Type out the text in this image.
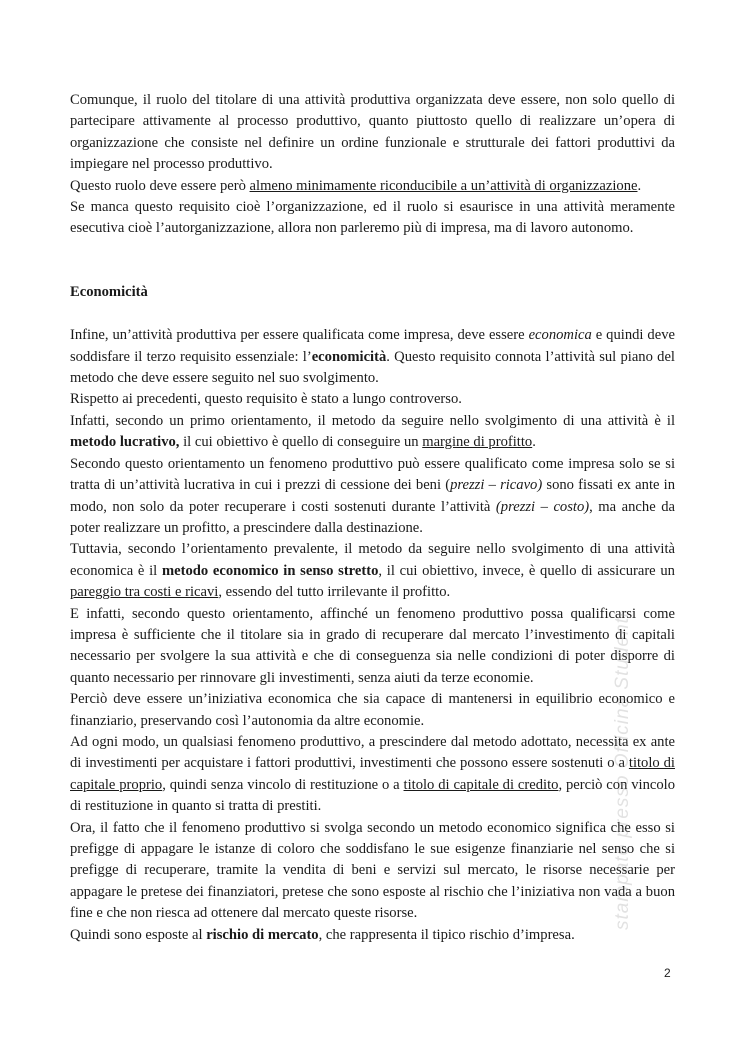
Comunque, il ruolo del titolare di una attività produttiva organizzata deve essere, non solo quello di partecipare attivamente al processo produttivo, quanto piuttosto quello di realizzare un’opera di organizzazione che consiste nel definire un ordine funzionale e strutturale dei fattori produttivi da impiegare nel processo produttivo.
Questo ruolo deve essere però almeno minimamente riconducibile a un’attività di organizzazione.
Se manca questo requisito cioè l’organizzazione, ed il ruolo si esaurisce in una attività meramente esecutiva cioè l’autorganizzazione, allora non parleremo più di impresa, ma di lavoro autonomo.

Economicità

Infine, un’attività produttiva per essere qualificata come impresa, deve essere economica e quindi deve soddisfare il terzo requisito essenziale: l’economicità. Questo requisito connota l’attività sul piano del metodo che deve essere seguito nel suo svolgimento.
Rispetto ai precedenti, questo requisito è stato a lungo controverso.
Infatti, secondo un primo orientamento, il metodo da seguire nello svolgimento di una attività è il metodo lucrativo, il cui obiettivo è quello di conseguire un margine di profitto.
Secondo questo orientamento un fenomeno produttivo può essere qualificato come impresa solo se si tratta di un’attività lucrativa in cui i prezzi di cessione dei beni (prezzi – ricavo) sono fissati ex ante in modo, non solo da poter recuperare i costi sostenuti durante l’attività (prezzi – costo), ma anche da poter realizzare un profitto, a prescindere dalla destinazione.
Tuttavia, secondo l’orientamento prevalente, il metodo da seguire nello svolgimento di una attività economica è il metodo economico in senso stretto, il cui obiettivo, invece, è quello di assicurare un pareggio tra costi e ricavi, essendo del tutto irrilevante il profitto.
E infatti, secondo questo orientamento, affinché un fenomeno produttivo possa qualificarsi come impresa è sufficiente che il titolare sia in grado di recuperare dal mercato l’investimento di capitali necessario per svolgere la sua attività e che di conseguenza sia nelle condizioni di poter disporre di quanto necessario per rinnovare gli investimenti, senza aiuti da terze economie.
Perciò deve essere un’iniziativa economica che sia capace di mantenersi in equilibrio economico e finanziario, preservando così l’autonomia da altre economie.
Ad ogni modo, un qualsiasi fenomeno produttivo, a prescindere dal metodo adottato, necessita ex ante di investimenti per acquistare i fattori produttivi, investimenti che possono essere sostenuti o a titolo di capitale proprio, quindi senza vincolo di restituzione o a titolo di capitale di credito, perciò con vincolo di restituzione in quanto si tratta di prestiti.
Ora, il fatto che il fenomeno produttivo si svolga secondo un metodo economico significa che esso si prefigge di appagare le istanze di coloro che soddisfano le sue esigenze finanziarie nel senso che si prefigge di recuperare, tramite la vendita di beni e servizi sul mercato, le risorse necessarie per appagare le pretese dei finanziatori, pretese che sono esposte al rischio che l’iniziativa non vada a buon fine e che non riesca ad ottenere dal mercato queste risorse.
Quindi sono esposte al rischio di mercato, che rappresenta il tipico rischio d’impresa.

stampato presso Officina Studenti
2
